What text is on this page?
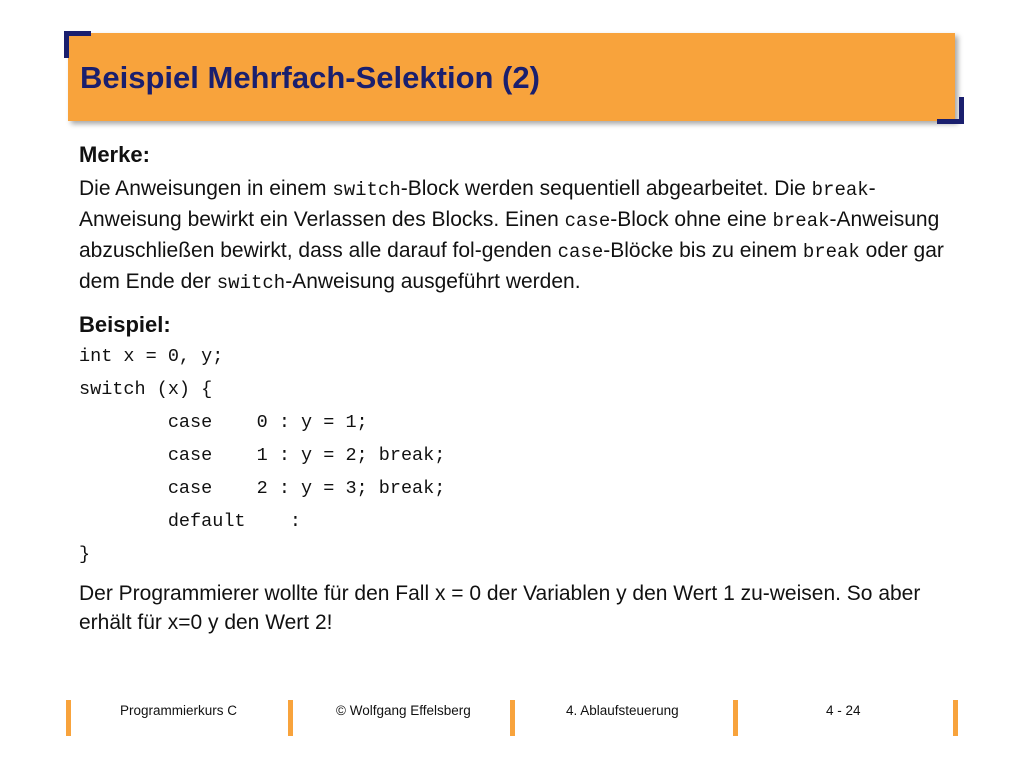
Beispiel Mehrfach-Selektion (2)

Merke:

Die Anweisungen in einem switch-Block werden sequentiell abgearbeitet. Die break-Anweisung bewirkt ein Verlassen des Blocks. Einen case-Block ohne eine break-Anweisung abzuschließen bewirkt, dass alle darauf fol-genden case-Blöcke bis zu einem break oder gar dem Ende der switch-Anweisung ausgeführt werden.

Beispiel:

int x = 0, y;
switch (x) {
case    0 : y = 1;
case    1 : y = 2; break;
case    2 : y = 3; break;
default    :
}

Der Programmierer wollte für den Fall x = 0 der Variablen y den Wert 1 zu-weisen. So aber erhält für x=0 y den Wert 2!

Programmierkurs C	© Wolfgang Effelsberg	4. Ablaufsteuerung	4 - 24
